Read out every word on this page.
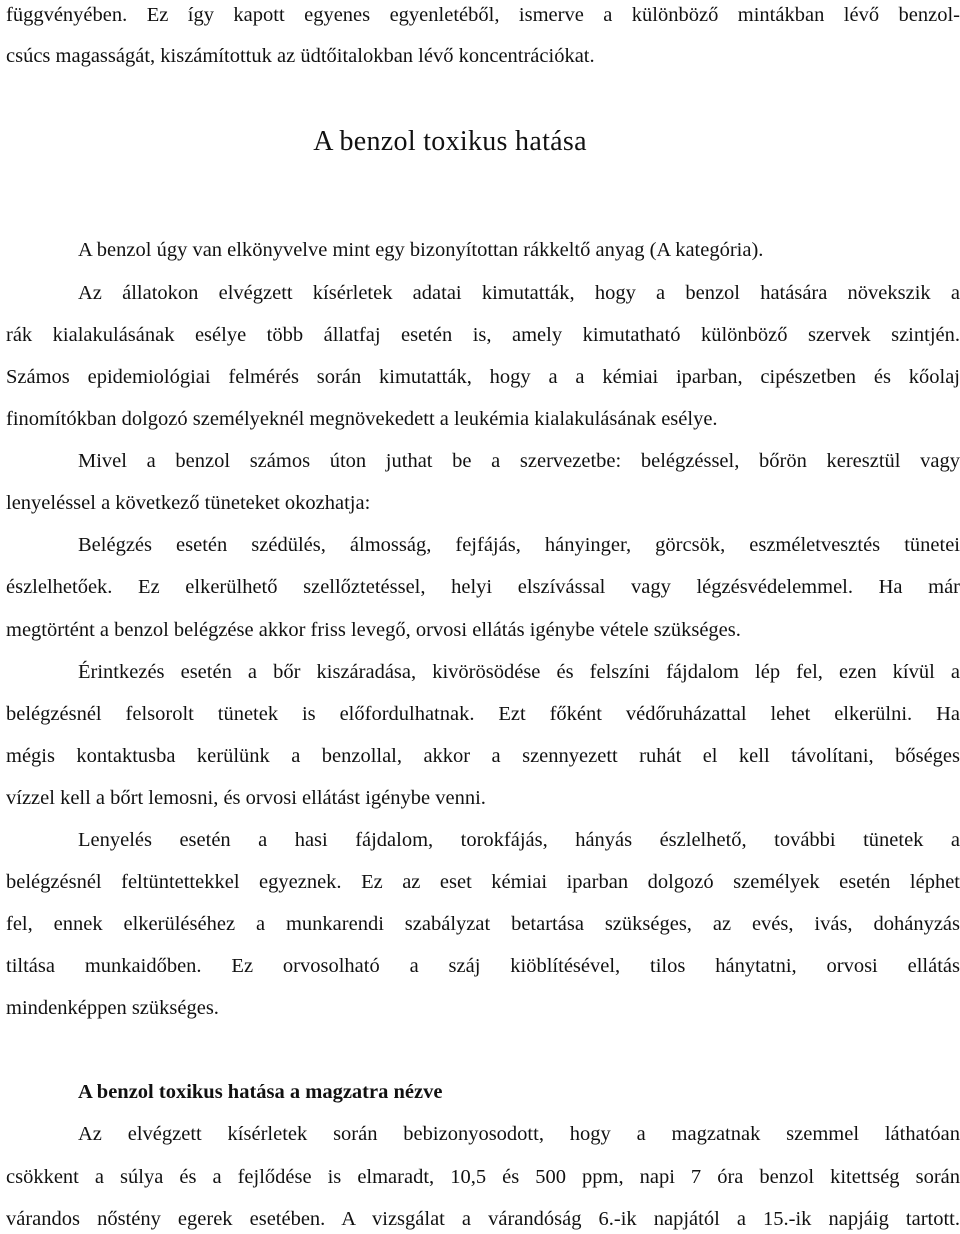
függvényében. Ez így kapott egyenes egyenletéből, ismerve a különböző mintákban lévő benzol-
csúcs magasságát, kiszámítottuk az üdtőitalokban lévő koncentrációkat.
A benzol toxikus hatása
A benzol úgy van elkönyvelve mint egy bizonyítottan rákkeltő anyag (A kategória).
Az állatokon elvégzett kísérletek adatai kimutatták, hogy a benzol hatására növekszik a
rák kialakulásának esélye több állatfaj esetén is, amely kimutatható különböző szervek szintjén.
Számos epidemiológiai felmérés során kimutatták, hogy a a kémiai iparban, cipészetben és kőolaj
finomítókban dolgozó személyeknél megnövekedett a leukémia kialakulásának esélye.
Mivel a benzol számos úton juthat be a szervezetbe: belégzéssel, bőrön keresztül vagy
lenyeléssel a következő tüneteket okozhatja:
Belégzés esetén szédülés, álmosság, fejfájás, hányinger, görcsök, eszméletvesztés tünetei
észlelhetőek. Ez elkerülhető szellőztetéssel, helyi elszívással vagy légzésvédelemmel. Ha már
megtörtént a benzol belégzése akkor friss levegő, orvosi ellátás igénybe vétele szükséges.
Érintkezés esetén a bőr kiszáradása, kivörösödése és felszíni fájdalom lép fel, ezen kívül a
belégzésnél felsorolt tünetek is előfordulhatnak. Ezt főként védőruházattal lehet elkerülni. Ha
mégis kontaktusba kerülünk a benzollal, akkor a szennyezett ruhát el kell távolítani, bőséges
vízzel kell a bőrt lemosni, és orvosi ellátást igénybe venni.
Lenyelés esetén a hasi fájdalom, torokfájás, hányás észlelhető, további tünetek a
belégzésnél feltüntettekkel egyeznek. Ez az eset kémiai iparban dolgozó személyek esetén léphet
fel, ennek elkerüléséhez a munkarendi szabályzat betartása szükséges, az evés, ivás, dohányzás
tiltása munkaidőben. Ez orvosolható a száj kiöblítésével, tilos hánytatni, orvosi ellátás
mindenképpen szükséges.
A benzol toxikus hatása a magzatra nézve
Az elvégzett kísérletek során bebizonyosodott, hogy a magzatnak szemmel láthatóan
csökkent a súlya és a fejlődése is elmaradt, 10,5 és 500 ppm, napi 7 óra benzol kitettség során
várandos nőstény egerek esetében. A vizsgálat a várandóság 6.-ik napjától a 15.-ik napjáig tartott.
